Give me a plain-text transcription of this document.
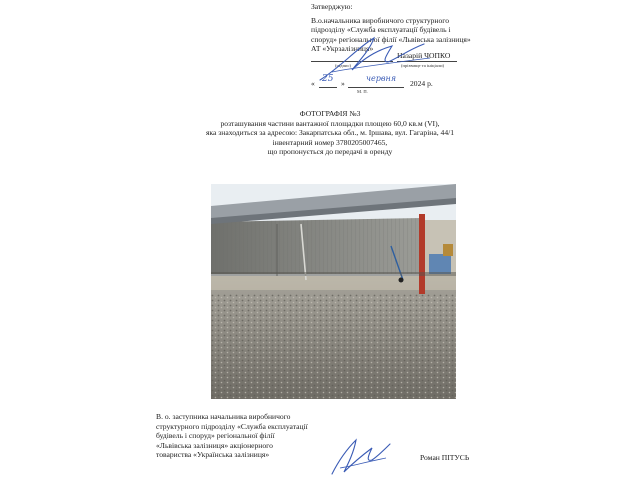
Затверджую:
В.о.начальника виробничого структурного
підрозділу «Служба експлуатації будівель і
споруд» регіональної філії «Львівська залізниця»
АТ «Укрзалізниця»
Назарій ЧОПКО
(підпис)	(прізвище та ініціали)
« 25 »
червня
2024 р.
М. П.
ФОТОГРАФІЯ №3
розташування частини вантажної площадки площею 60,0 кв.м (VI),
яка знаходиться за адресою: Закарпатська обл., м. Іршава, вул. Гагаріна, 44/1
інвентарний номер 3780205007465,
що пропонується до передачі в оренду
В. о. заступника начальника виробничого
структурного підрозділу «Служба експлуатації
будівель і споруд» регіональної філії
«Львівська залізниця» акціонерного
товариства «Українська залізниця»	Роман ПІТУСЬ
